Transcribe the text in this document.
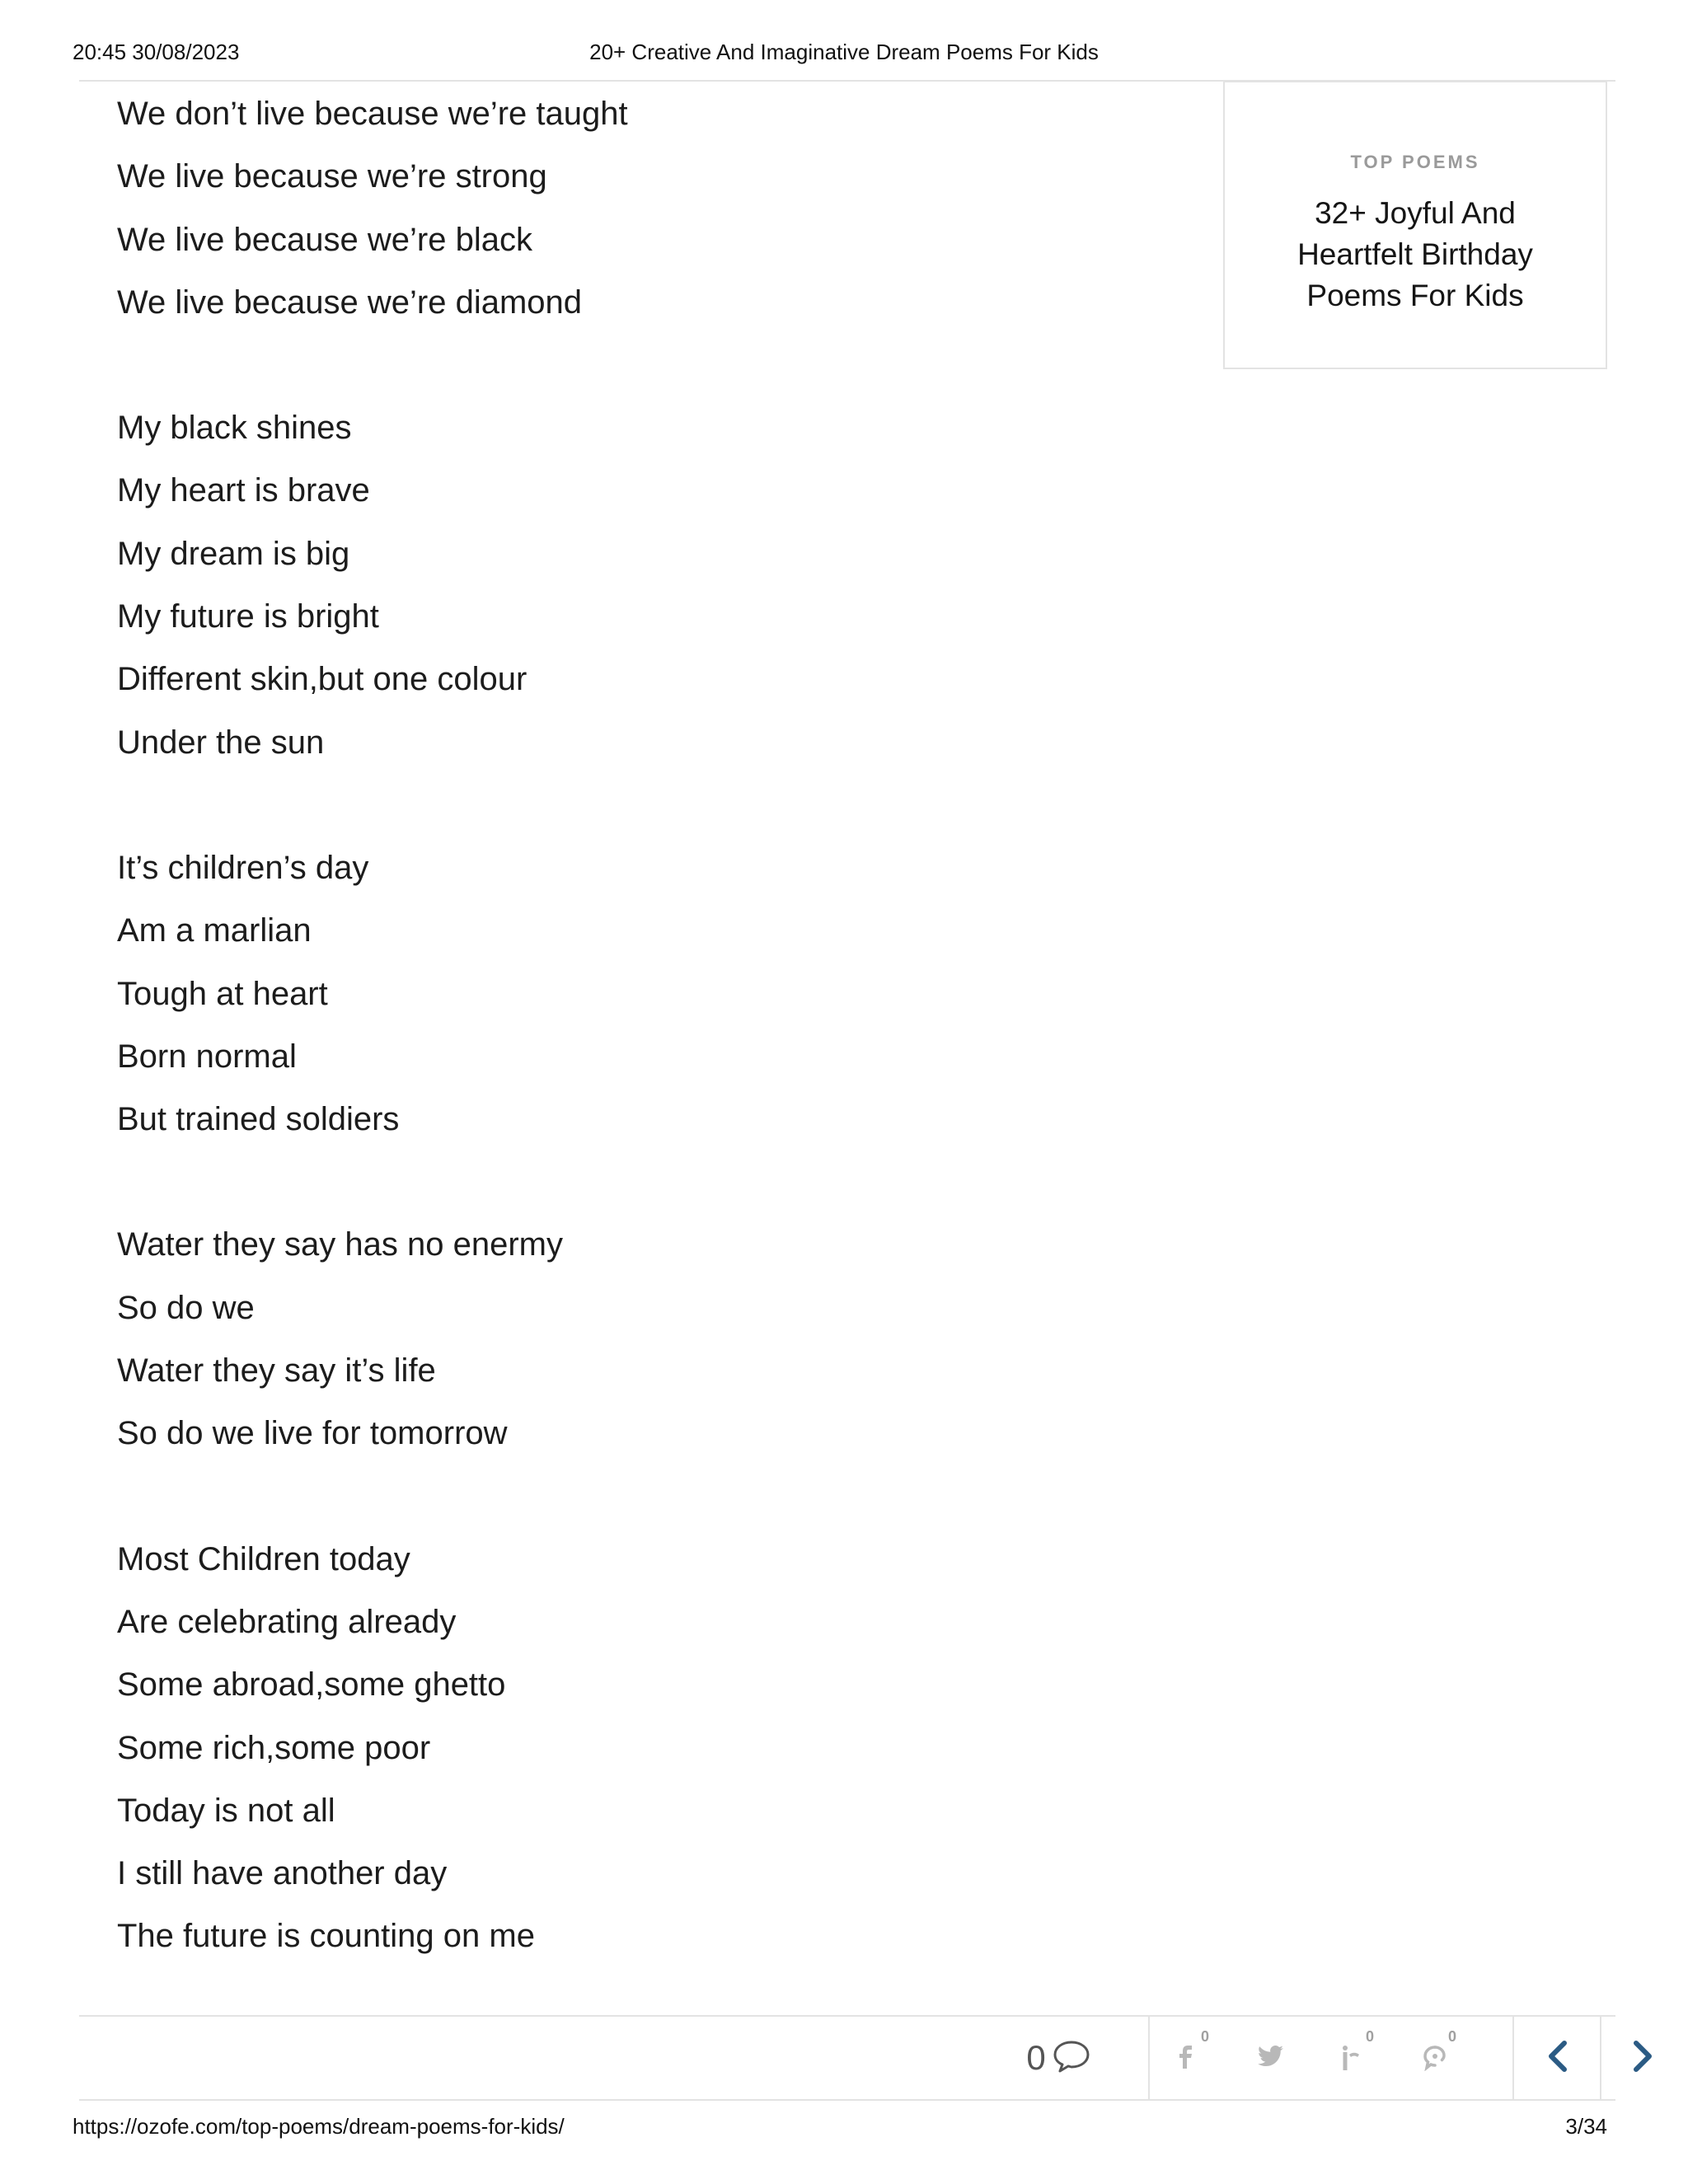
20:45 30/08/2023	20+ Creative And Imaginative Dream Poems For Kids
We don’t live because we’re taught
We live because we’re strong
We live because we’re black
We live because we’re diamond
My black shines
My heart is brave
My dream is big
My future is bright
Different skin,but one colour
Under the sun
It’s children’s day
Am a marlian
Tough at heart
Born normal
But trained soldiers
Water they say has no enermy
So do we
Water they say it’s life
So do we live for tomorrow
Most Children today
Are celebrating already
Some abroad,some ghetto
Some rich,some poor
Today is not all
I still have another day
The future is counting on me
TOP POEMS
32+ Joyful And Heartfelt Birthday Poems For Kids
0
0	0	0
https://ozofe.com/top-poems/dream-poems-for-kids/	3/34
